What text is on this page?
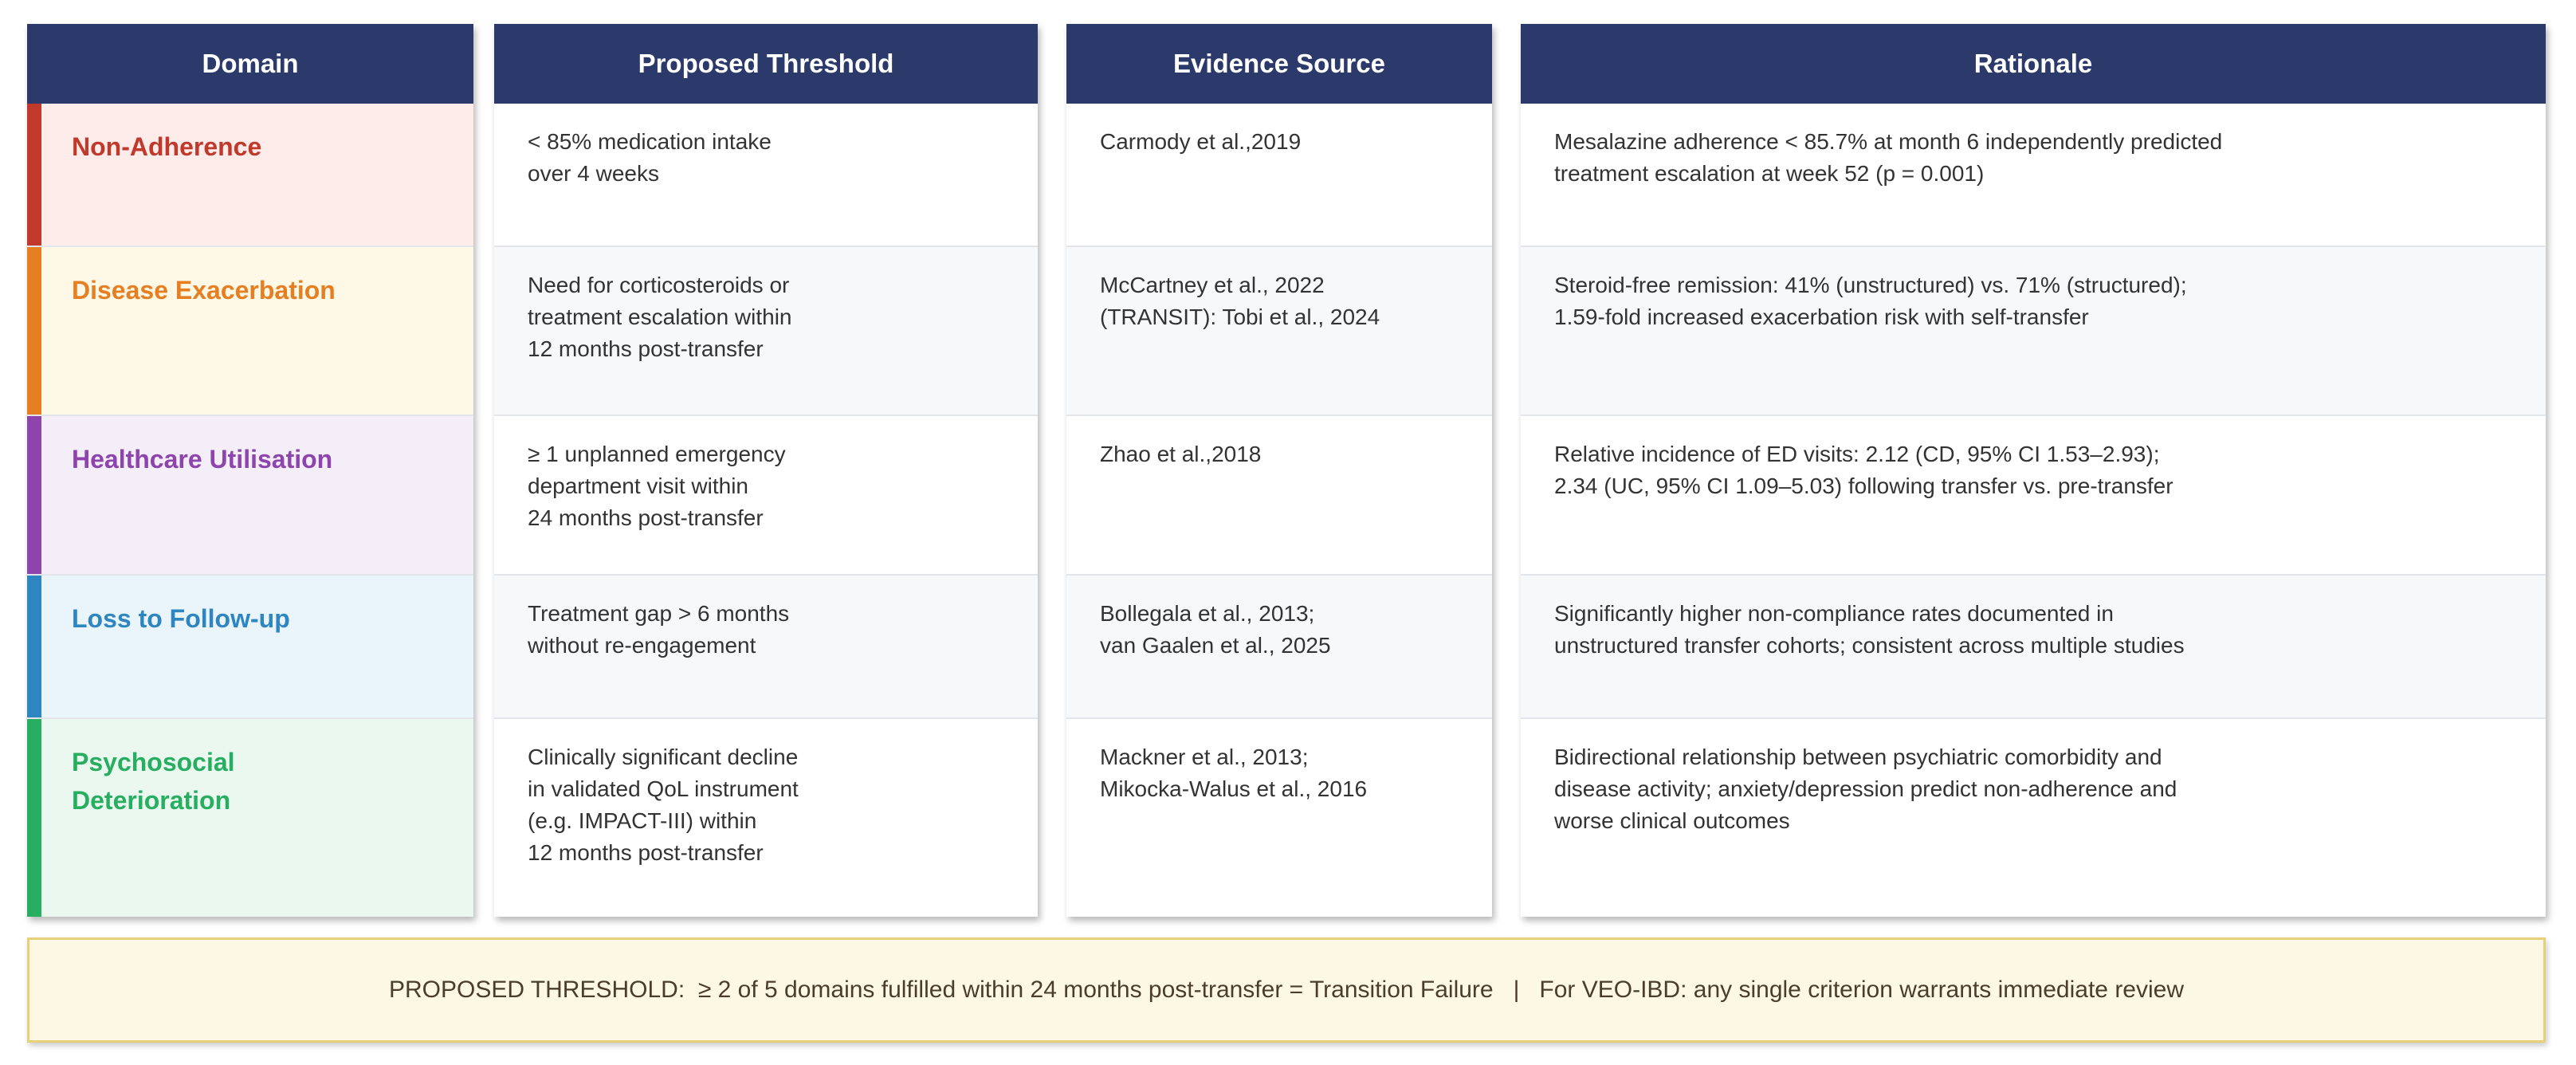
Domain
Non-Adherence
Disease Exacerbation
Healthcare Utilisation
Loss to Follow-up
Psychosocial
Deterioration
Proposed Threshold
< 85% medication intake
over 4 weeks
Need for corticosteroids or
treatment escalation within
12 months post-transfer
≥ 1 unplanned emergency
department visit within
24 months post-transfer
Treatment gap > 6 months
without re-engagement
Clinically significant decline
in validated QoL instrument
(e.g. IMPACT-III) within
12 months post-transfer
Evidence Source
Carmody et al.,2019
McCartney et al., 2022
(TRANSIT): Tobi et al., 2024
Zhao et al.,2018
Bollegala et al., 2013;
van Gaalen et al., 2025
Mackner et al., 2013;
Mikocka-Walus et al., 2016
Rationale
Mesalazine adherence < 85.7% at month 6 independently predicted
treatment escalation at week 52 (p = 0.001)
Steroid-free remission: 41% (unstructured) vs. 71% (structured);
1.59-fold increased exacerbation risk with self-transfer
Relative incidence of ED visits: 2.12 (CD, 95% CI 1.53–2.93);
2.34 (UC, 95% CI 1.09–5.03) following transfer vs. pre-transfer
Significantly higher non-compliance rates documented in
unstructured transfer cohorts; consistent across multiple studies
Bidirectional relationship between psychiatric comorbidity and
disease activity; anxiety/depression predict non-adherence and
worse clinical outcomes
PROPOSED THRESHOLD:  ≥ 2 of 5 domains fulfilled within 24 months post-transfer = Transition Failure   |   For VEO-IBD: any single criterion warrants immediate review
